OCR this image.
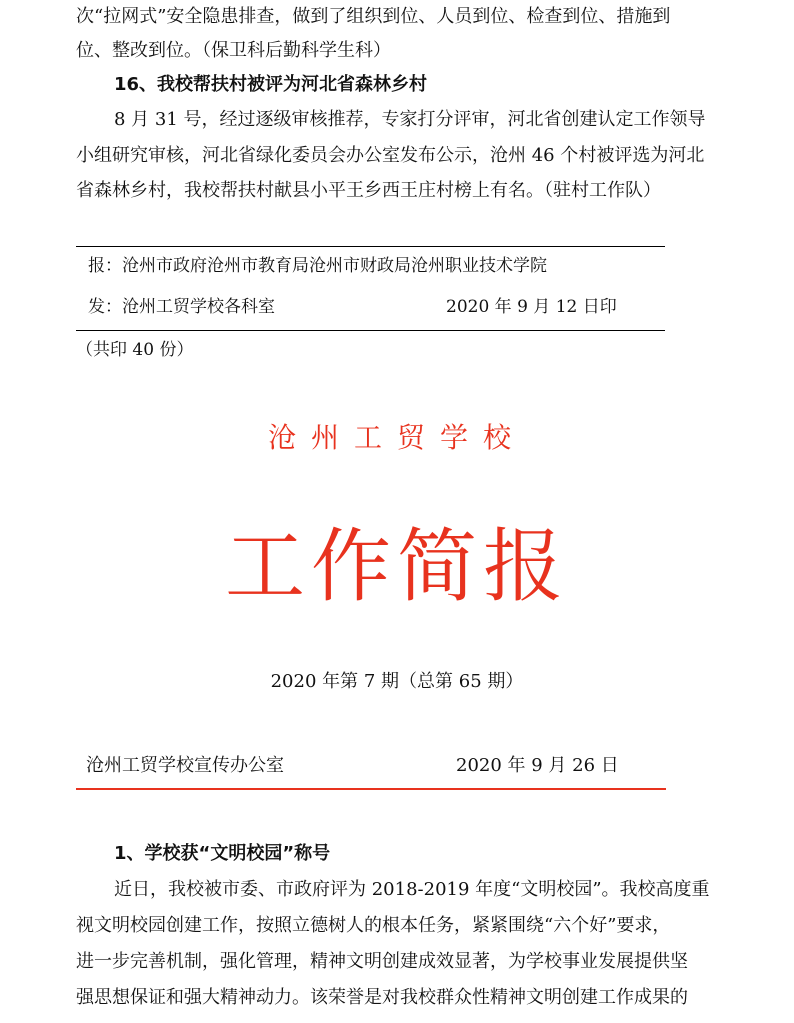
次“拉网式”安全隐患排查，做到了组织到位、人员到位、检查到位、措施到
位、整改到位。（保卫科后勤科学生科）
16、我校帮扶村被评为河北省森林乡村
8 月 31 号，经过逐级审核推荐，专家打分评审，河北省创建认定工作领导
小组研究审核，河北省绿化委员会办公室发布公示，沧州 46 个村被评选为河北
省森林乡村，我校帮扶村献县小平王乡西王庄村榜上有名。（驻村工作队）
报：沧州市政府沧州市教育局沧州市财政局沧州职业技术学院
发：沧州工贸学校各科室	2020 年 9 月 12 日印
（共印 40 份）
沧州工贸学校
工作简报
2020 年第 7 期（总第 65 期）
沧州工贸学校宣传办公室	2020 年 9 月 26 日
1、学校获“文明校园”称号
近日，我校被市委、市政府评为 2018-2019 年度“文明校园”。我校高度重
视文明校园创建工作，按照立德树人的根本任务，紧紧围绕“六个好”要求，
进一步完善机制，强化管理，精神文明创建成效显著，为学校事业发展提供坚
强思想保证和强大精神动力。该荣誉是对我校群众性精神文明创建工作成果的
